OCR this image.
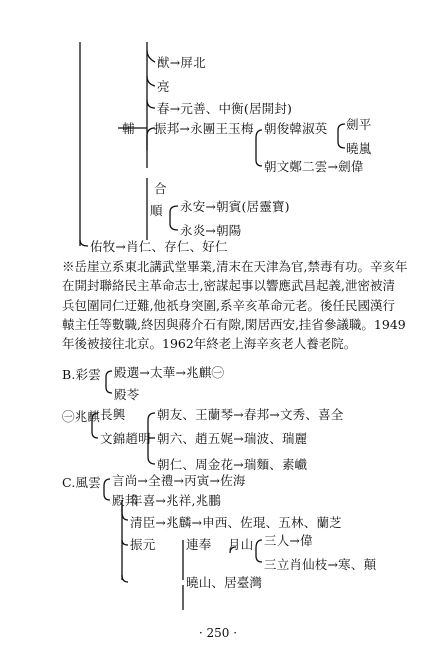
猷→屏北
亮
春→元善、中衡(居開封)
輔 振邦→永團王玉梅 朝俊韓淑英 劍平
曉嵐
朝文鄭二雲→劍偉
合
順 永安→朝賓(居靈寶)
永炎→朝陽
佑牧→肖仁、存仁、好仁
※岳崖立系東北講武堂畢業,清末在天津為官,禁毒有功。辛亥年
在開封聯絡民主革命志士,密謀起事以響應武昌起義,泄密被清
兵包圍同仁迂難,他祇身突圍,系辛亥革命元老。後任民國漢行
轅主任等數職,終因與蔣介石有隙,閑居西安,挂省參議職。1949
年後被接往北京。1962年終老上海辛亥老人養老院。
B.彩雲 殿選→太華→兆麒㊀
殿苓
㊀兆麒 長興
文錦趙明
朝友、王蘭琴→春邦→文秀、喜全
朝六、趙五娓→瑞波、瑞麗
朝仁、周金花→瑞麵、素巇
C.風雲 言尚→全禮→丙寅→佐海
殿邦
年喜→兆祥,兆鵬
清臣→兆麟→申西、佐琨、五林、蘭芝
振元 連奉 月山 三人→偉
三立肖仙枝→寒、顛
曉山、居臺灣
· 250 ·
